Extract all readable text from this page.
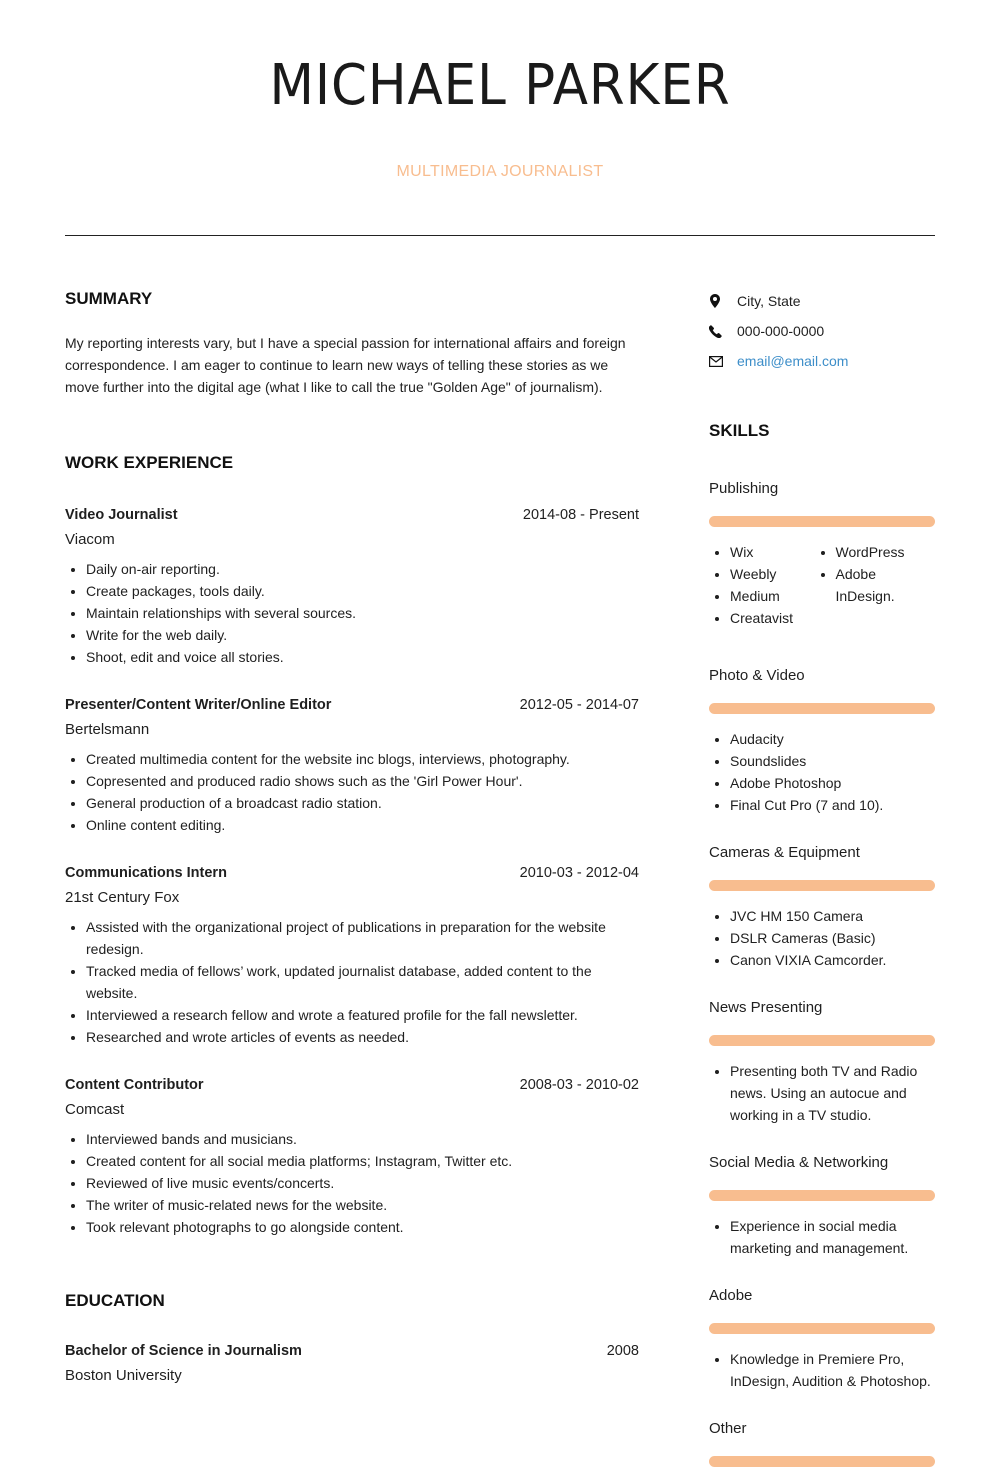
MICHAEL PARKER
MULTIMEDIA JOURNALIST
SUMMARY

My reporting interests vary, but I have a special passion for international affairs and foreign correspondence. I am eager to continue to learn new ways of telling these stories as we move further into the digital age (what I like to call the true "Golden Age" of journalism).

WORK EXPERIENCE
Video Journalist	2014-08 - Present
Viacom
• Daily on-air reporting.
• Create packages, tools daily.
• Maintain relationships with several sources.
• Write for the web daily.
• Shoot, edit and voice all stories.
Presenter/Content Writer/Online Editor	2012-05 - 2014-07
Bertelsmann
• Created multimedia content for the website inc blogs, interviews, photography.
• Copresented and produced radio shows such as the 'Girl Power Hour'.
• General production of a broadcast radio station.
• Online content editing.
Communications Intern	2010-03 - 2012-04
21st Century Fox
• Assisted with the organizational project of publications in preparation for the website redesign.
• Tracked media of fellows’ work, updated journalist database, added content to the website.
• Interviewed a research fellow and wrote a featured profile for the fall newsletter.
• Researched and wrote articles of events as needed.
Content Contributor	2008-03 - 2010-02
Comcast
• Interviewed bands and musicians.
• Created content for all social media platforms; Instagram, Twitter etc.
• Reviewed of live music events/concerts.
• The writer of music-related news for the website.
• Took relevant photographs to go alongside content.
EDUCATION
Bachelor of Science in Journalism	2008
Boston University
City, State
000-000-0000
email@email.com
SKILLS
Publishing
• Wix
• Weebly
• Medium
• Creatavist
• WordPress
• Adobe InDesign.
Photo & Video
• Audacity
• Soundslides
• Adobe Photoshop
• Final Cut Pro (7 and 10).
Cameras & Equipment
• JVC HM 150 Camera
• DSLR Cameras (Basic)
• Canon VIXIA Camcorder.
News Presenting
• Presenting both TV and Radio news. Using an autocue and working in a TV studio.
Social Media & Networking
• Experience in social media marketing and management.
Adobe
• Knowledge in Premiere Pro, InDesign, Audition & Photoshop.
Other
